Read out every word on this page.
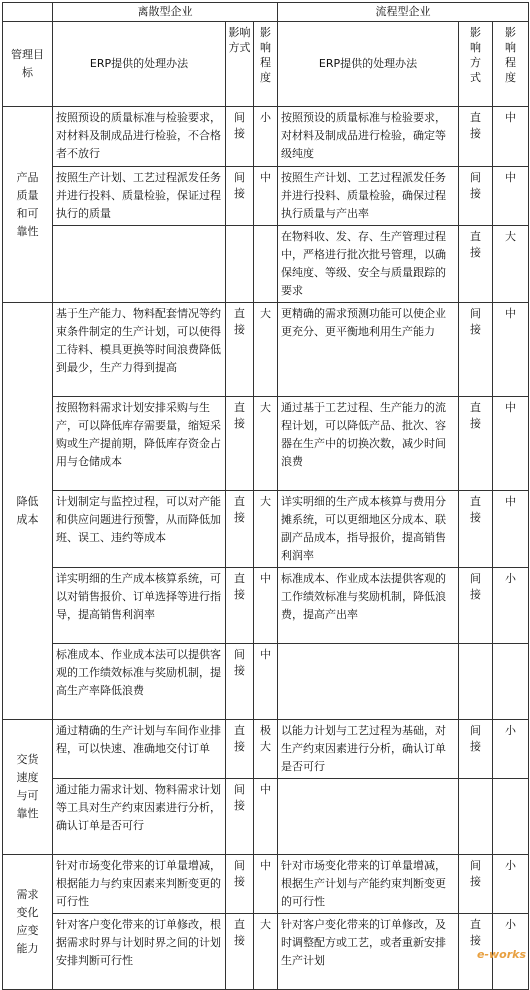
	离散型企业			流程型企业		
管理目标	ERP提供的处理办法	影响方式	影响程度	ERP提供的处理办法	影响方式	影响程度
产品质量和可靠性	按照预设的质量标准与检验要求，对材料及制成品进行检验，不合格者不放行	间接	小	按照预设的质量标准与检验要求，对材料及制成品进行检验，确定等级纯度	直接	中
	按照生产计划、工艺过程派发任务并进行投料、质量检验，保证过程执行的质量	间接	中	按照生产计划、工艺过程派发任务并进行投料、质量检验，确保过程执行质量与产出率	间接	中
				在物料收、发、存、生产管理过程中，严格进行批次批号管理，以确保纯度、等级、安全与质量跟踪的要求	直接	大
降低成本	基于生产能力、物料配套情况等约束条件制定的生产计划，可以使得工待料、模具更换等时间浪费降低到最少，生产力得到提高	直接	大	更精确的需求预测功能可以使企业更充分、更平衡地利用生产能力	间接	中
	按照物料需求计划安排采购与生产，可以降低库存需要量，缩短采购或生产提前期，降低库存资金占用与仓储成本	直接	大	通过基于工艺过程、生产能力的流程计划，可以降低产品、批次、容器在生产中的切换次数，减少时间浪费	直接	中
	计划制定与监控过程，可以对产能和供应问题进行预警，从而降低加班、误工、违约等成本	直接	大	详实明细的生产成本核算与费用分摊系统，可以更细地区分成本、联副产品成本，指导报价，提高销售利润率	直接	中
	详实明细的生产成本核算系统，可以对销售报价、订单选择等进行指导，提高销售利润率	直接	中	标准成本、作业成本法提供客观的工作绩效标准与奖励机制，降低浪费，提高产出率	间接	小
	标准成本、作业成本法可以提供客观的工作绩效标准与奖励机制，提高生产率降低浪费	间接	中			
交货速度与可靠性	通过精确的生产计划与车间作业排程，可以快速、准确地交付订单	直接	极大	以能力计划与工艺过程为基础，对生产约束因素进行分析，确认订单是否可行	间接	小
	通过能力需求计划、物料需求计划等工具对生产约束因素进行分析，确认订单是否可行	间接	中			
需求变化应变能力	针对市场变化带来的订单量增减，根据能力与约束因素来判断变更的可行性	间接	中	针对市场变化带来的订单量增减，根据生产计划与产能约束判断变更的可行性	间接	小
	针对客户变化带来的订单修改，根据需求时界与计划时界之间的计划安排判断可行性	直接	大	针对客户变化带来的订单修改，及时调整配方或工艺，或者重新安排生产计划	直接	小
e-works
